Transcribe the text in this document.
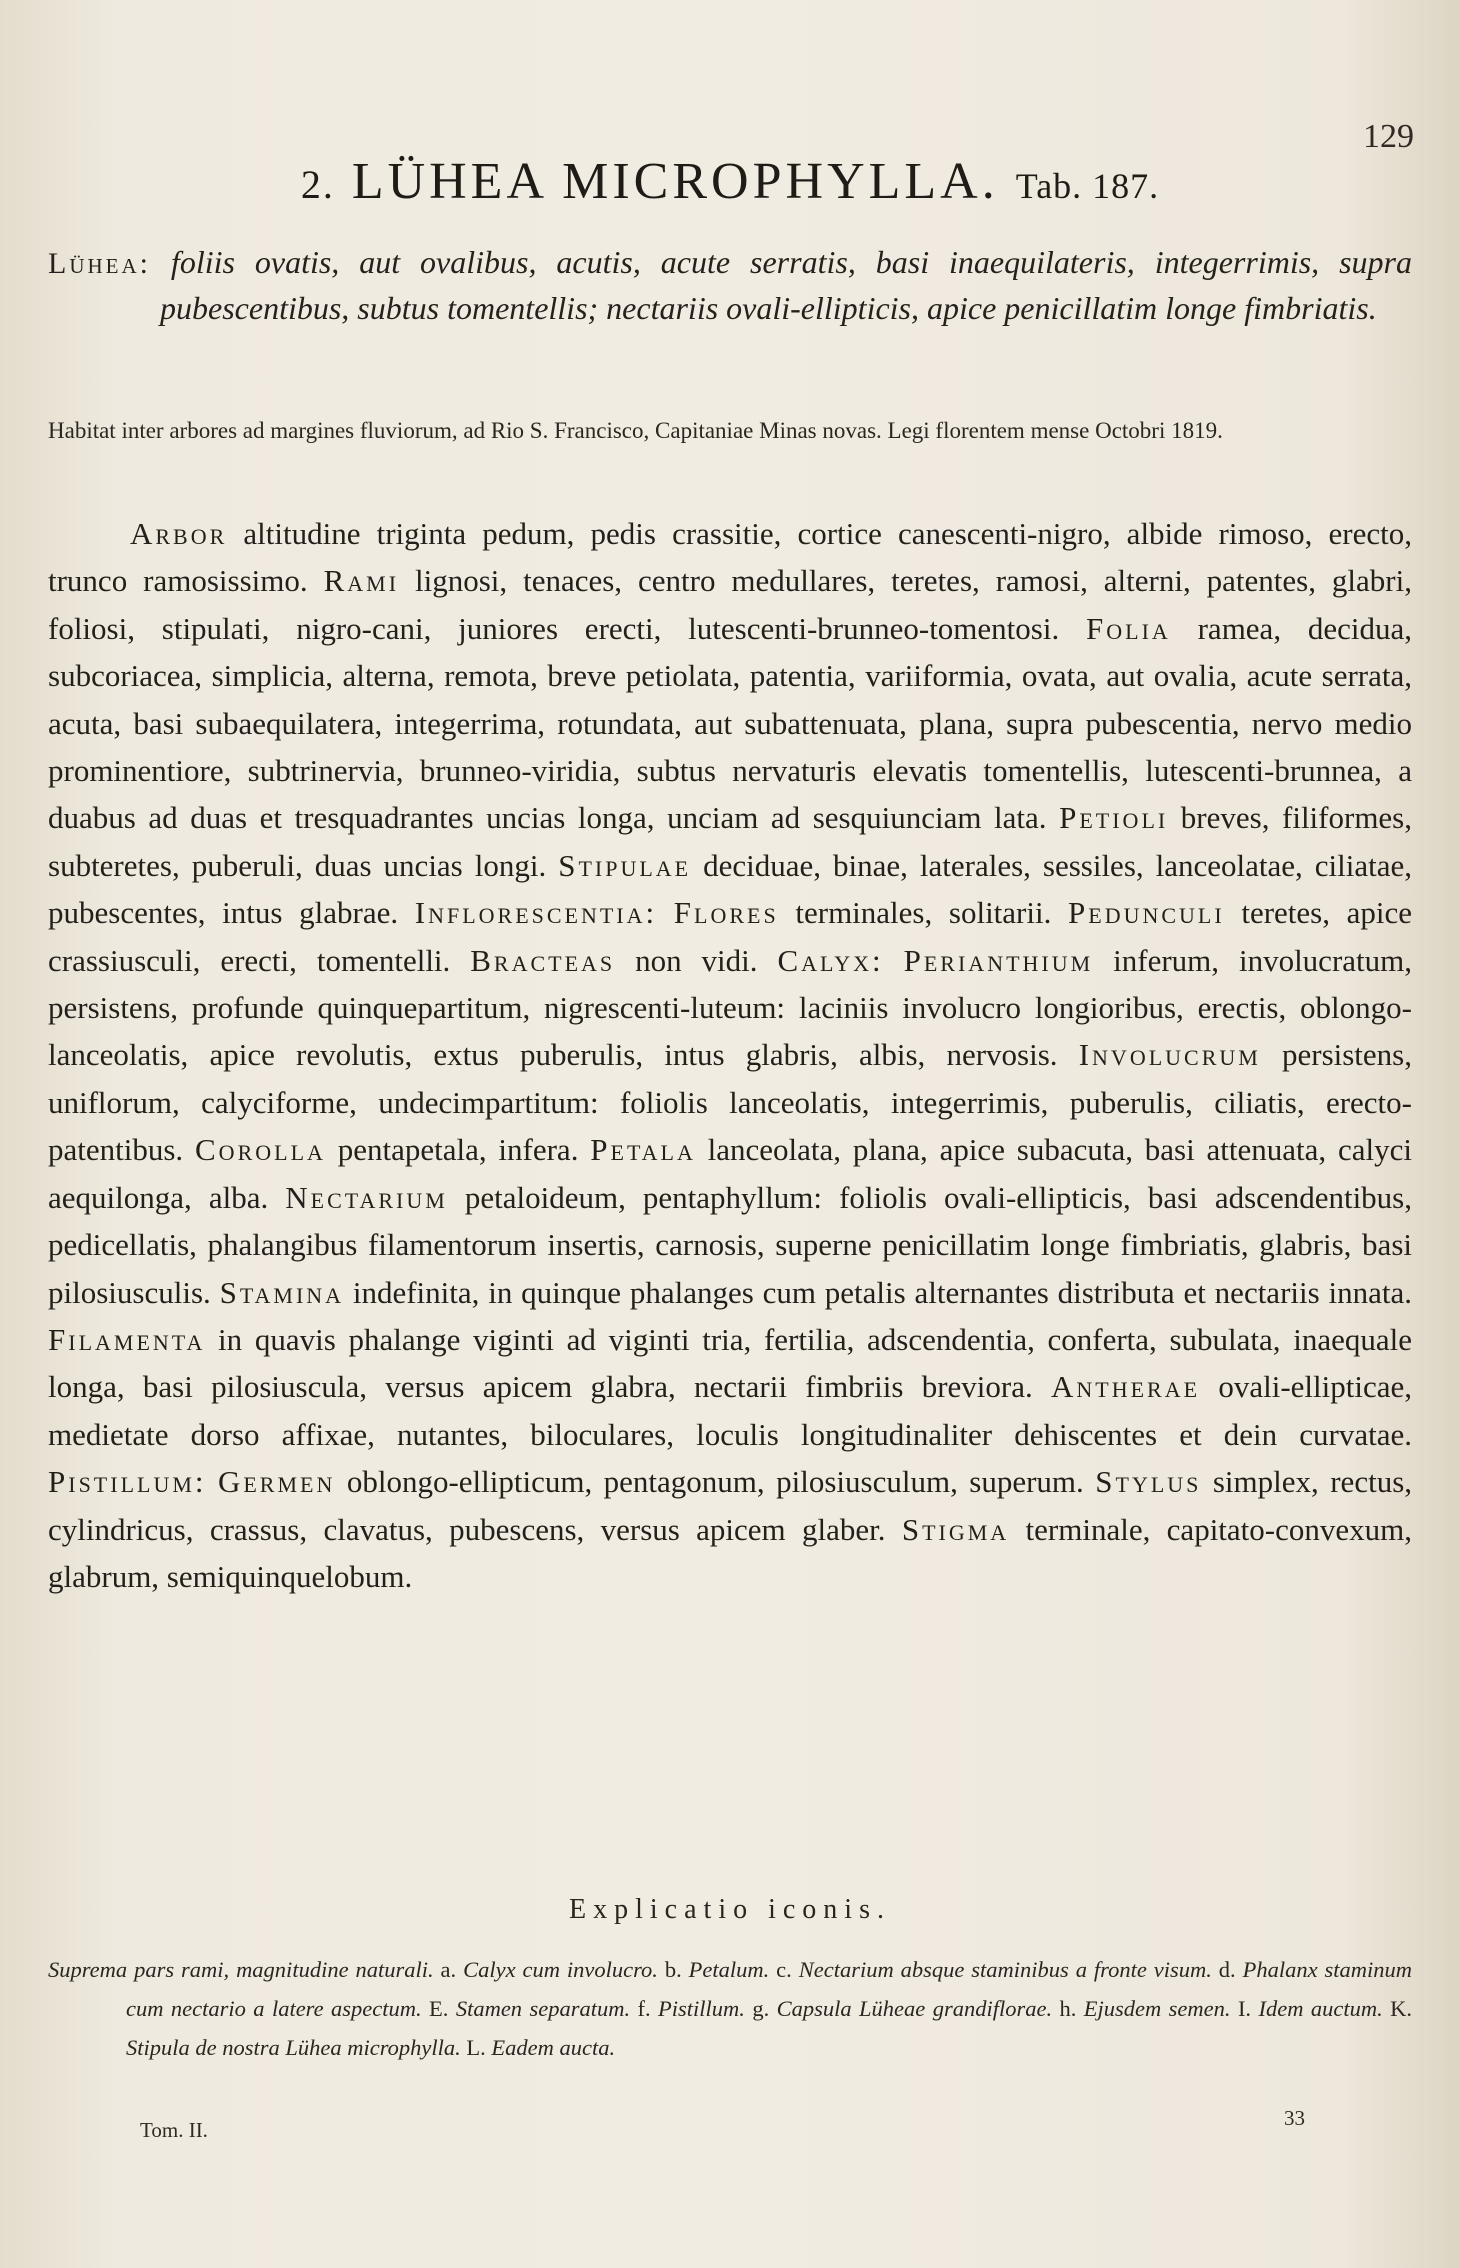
129
2. LÜHEA MICROPHYLLA. Tab. 187.
Lühea: foliis ovatis, aut ovalibus, acutis, acute serratis, basi inaequilateris, integerrimis, supra pubescentibus, subtus tomentellis; nectariis ovali-ellipticis, apice penicillatim longe fimbriatis.
Habitat inter arbores ad margines fluviorum, ad Rio S. Francisco, Capitaniae Minas novas. Legi florentem mense Octobri 1819.

Arbor altitudine triginta pedum, pedis crassitie, cortice canescenti-nigro, albide rimoso, erecto, trunco ramosissimo. Rami lignosi, tenaces, centro medullares, teretes, ramosi, alterni, patentes, glabri, foliosi, stipulati, nigro-cani, juniores erecti, lutescenti-brunneo-tomentosi. Folia ramea, decidua, subcoriacea, simplicia, alterna, remota, breve petiolata, patentia, variiformia, ovata, aut ovalia, acute serrata, acuta, basi subaequilatera, integerrima, rotundata, aut subattenuata, plana, supra pubescentia, nervo medio prominentiore, subtrinervia, brunneo-viridia, subtus nervaturis elevatis tomentellis, lutescenti-brunnea, a duabus ad duas et tresquadrantes uncias longa, unciam ad sesquiunciam lata. Petioli breves, filiformes, subteretes, puberuli, duas uncias longi. Stipulae deciduae, binae, laterales, sessiles, lanceolatae, ciliatae, pubescentes, intus glabrae. Inflorescentia: Flores terminales, solitarii. Pedunculi teretes, apice crassiusculi, erecti, tomentelli. Bracteas non vidi. Calyx: Perianthium inferum, involucratum, persistens, profunde quinquepartitum, nigrescenti-luteum: laciniis involucro longioribus, erectis, oblongo-lanceolatis, apice revolutis, extus puberulis, intus glabris, albis, nervosis. Involucrum persistens, uniflorum, calyciforme, undecimpartitum: foliolis lanceolatis, integerrimis, puberulis, ciliatis, erecto-patentibus. Corolla pentapetala, infera. Petala lanceolata, plana, apice subacuta, basi attenuata, calyci aequilonga, alba. Nectarium petaloideum, pentaphyllum: foliolis ovali-ellipticis, basi adscendentibus, pedicellatis, phalangibus filamentorum insertis, carnosis, superne penicillatim longe fimbriatis, glabris, basi pilosiusculis. Stamina indefinita, in quinque phalanges cum petalis alternantes distributa et nectariis innata. Filamenta in quavis phalange viginti ad viginti tria, fertilia, adscendentia, conferta, subulata, inaequale longa, basi pilosiuscula, versus apicem glabra, nectarii fimbriis breviora. Antherae ovali-ellipticae, medietate dorso affixae, nutantes, biloculares, loculis longitudinaliter dehiscentes et dein curvatae. Pistillum: Germen oblongo-ellipticum, pentagonum, pilosiusculum, superum. Stylus simplex, rectus, cylindricus, crassus, clavatus, pubescens, versus apicem glaber. Stigma terminale, capitato-convexum, glabrum, semiquinquelobum.

Explicatio iconis.

Suprema pars rami, magnitudine naturali. a. Calyx cum involucro. b. Petalum. c. Nectarium absque staminibus a fronte visum. d. Phalanx staminum cum nectario a latere aspectum. E. Stamen separatum. f. Pistillum. g. Capsula Lüheae grandiflorae. h. Ejusdem semen. I. Idem auctum. K. Stipula de nostra Lühea microphylla. L. Eadem aucta.

Tom. II.	33
